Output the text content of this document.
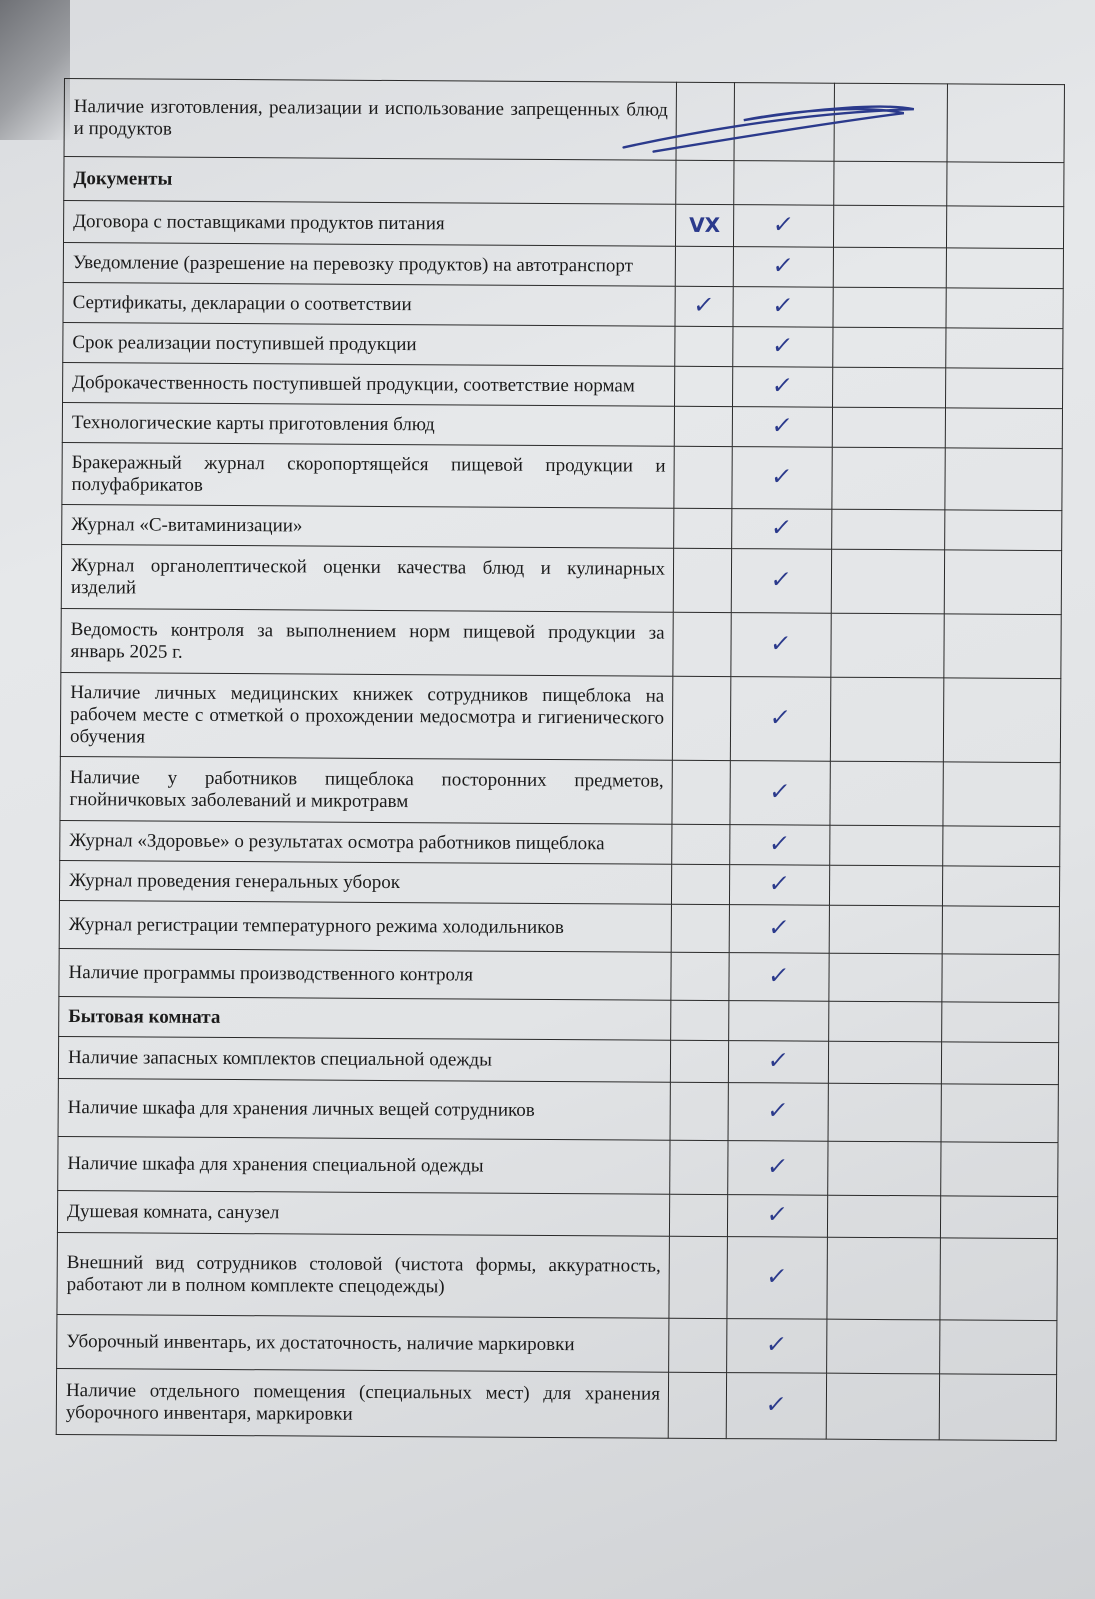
Наличие изготовления, реализации и использование запрещенных блюд и продуктов				
Документы				
Договора с поставщиками продуктов питания	ⅤX	✓		
Уведомление (разрешение на перевозку продуктов) на автотранспорт		✓		
Сертификаты, декларации о соответствии	✓	✓		
Срок реализации поступившей продукции		✓		
Доброкачественность поступившей продукции, соответствие нормам		✓		
Технологические карты приготовления блюд		✓		
Бракеражный журнал скоропортящейся пищевой продукции и полуфабрикатов		✓		
Журнал «С-витаминизации»		✓		
Журнал органолептической оценки качества блюд и кулинарных изделий		✓		
Ведомость контроля за выполнением норм пищевой продукции за январь 2025 г.		✓		
Наличие личных медицинских книжек сотрудников пищеблока на рабочем месте с отметкой о прохождении медосмотра и гигиенического обучения		✓		
Наличие у работников пищеблока посторонних предметов, гнойничковых заболеваний и микротравм		✓		
Журнал «Здоровье» о результатах осмотра работников пищеблока		✓		
Журнал проведения генеральных уборок		✓		
Журнал регистрации температурного режима холодильников		✓		
Наличие программы производственного контроля		✓		
Бытовая комната				
Наличие запасных комплектов специальной одежды		✓		
Наличие шкафа для хранения личных вещей сотрудников		✓		
Наличие шкафа для хранения специальной одежды		✓		
Душевая комната, санузел		✓		
Внешний вид сотрудников столовой (чистота формы, аккуратность, работают ли в полном комплекте спецодежды)		✓		
Уборочный инвентарь, их достаточность, наличие маркировки		✓		
Наличие отдельного помещения (специальных мест) для хранения уборочного инвентаря, маркировки		✓		
